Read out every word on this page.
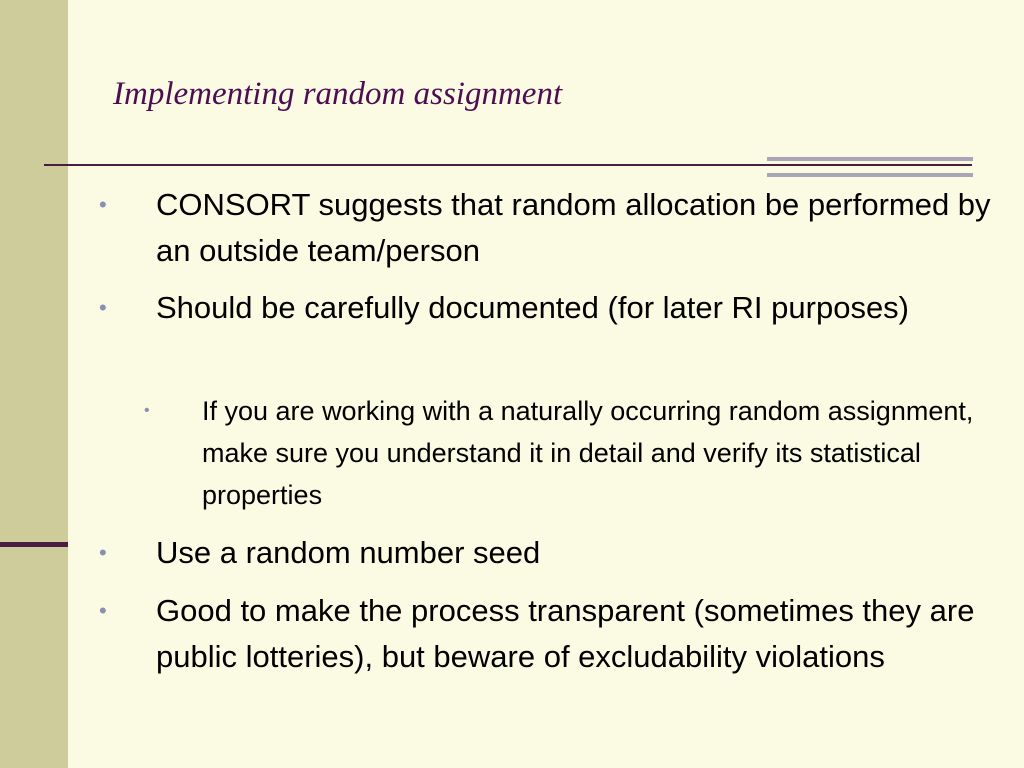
Implementing random assignment
• CONSORT suggests that random allocation be performed by an outside team/person
• Should be carefully documented (for later RI purposes)
• If you are working with a naturally occurring random assignment, make sure you understand it in detail and verify its statistical properties
• Use a random number seed
• Good to make the process transparent (sometimes they are public lotteries), but beware of excludability violations
